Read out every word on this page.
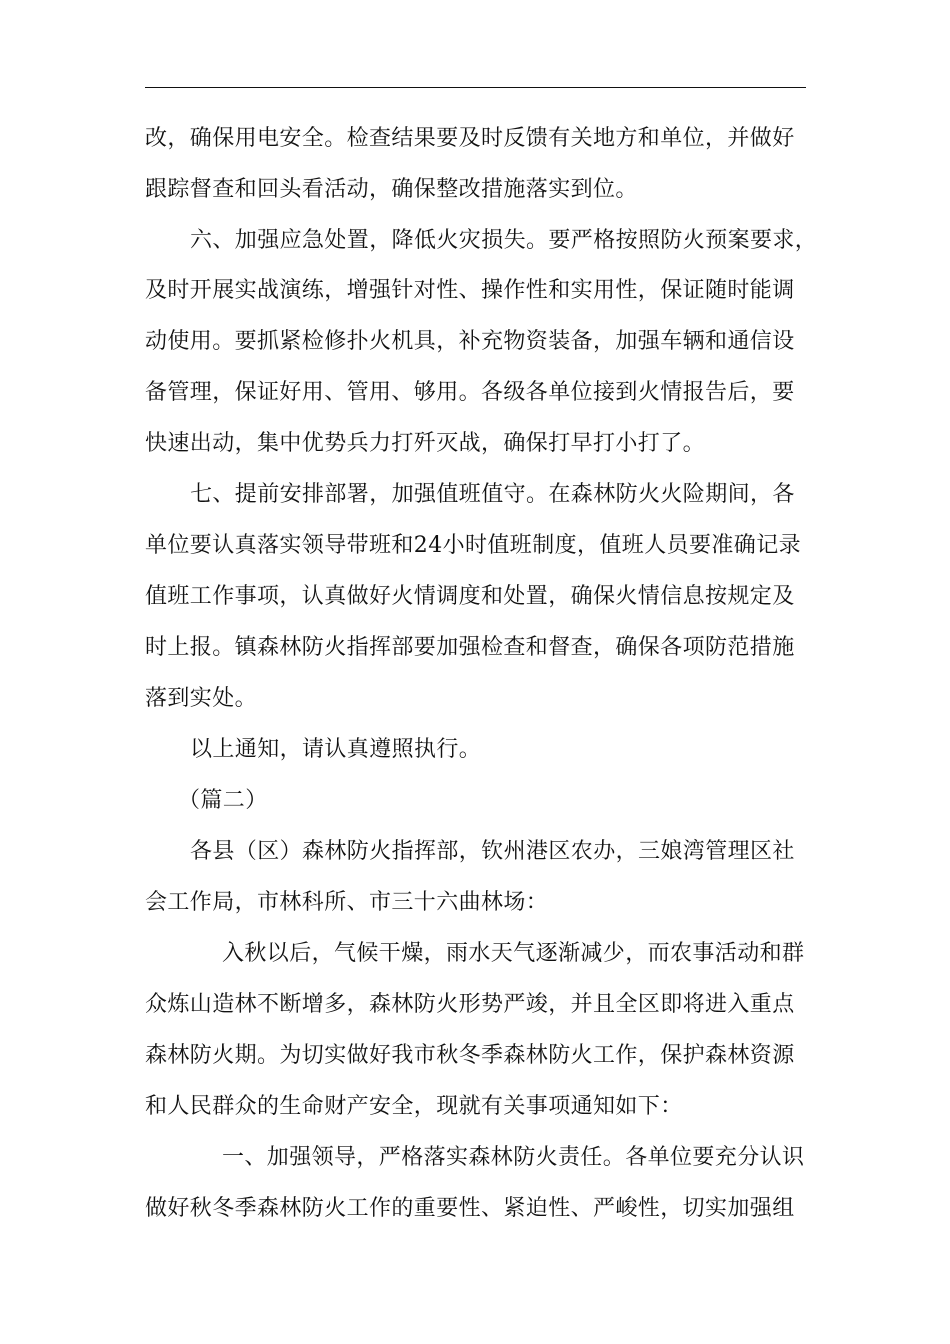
改，确保用电安全。检查结果要及时反馈有关地方和单位，并做好
跟踪督查和回头看活动，确保整改措施落实到位。
六、加强应急处置，降低火灾损失。要严格按照防火预案要求，
及时开展实战演练，增强针对性、操作性和实用性，保证随时能调
动使用。要抓紧检修扑火机具，补充物资装备，加强车辆和通信设
备管理，保证好用、管用、够用。各级各单位接到火情报告后，要
快速出动，集中优势兵力打歼灭战，确保打早打小打了。
七、提前安排部署，加强值班值守。在森林防火火险期间，各
单位要认真落实领导带班和24小时值班制度，值班人员要准确记录
值班工作事项，认真做好火情调度和处置，确保火情信息按规定及
时上报。镇森林防火指挥部要加强检查和督查，确保各项防范措施
落到实处。
以上通知，请认真遵照执行。
（篇二）
各县（区）森林防火指挥部，钦州港区农办，三娘湾管理区社
会工作局，市林科所、市三十六曲林场：
入秋以后，气候干燥，雨水天气逐渐减少，而农事活动和群
众炼山造林不断增多，森林防火形势严竣，并且全区即将进入重点
森林防火期。为切实做好我市秋冬季森林防火工作，保护森林资源
和人民群众的生命财产安全，现就有关事项通知如下：
一、加强领导，严格落实森林防火责任。各单位要充分认识
做好秋冬季森林防火工作的重要性、紧迫性、严峻性，切实加强组
